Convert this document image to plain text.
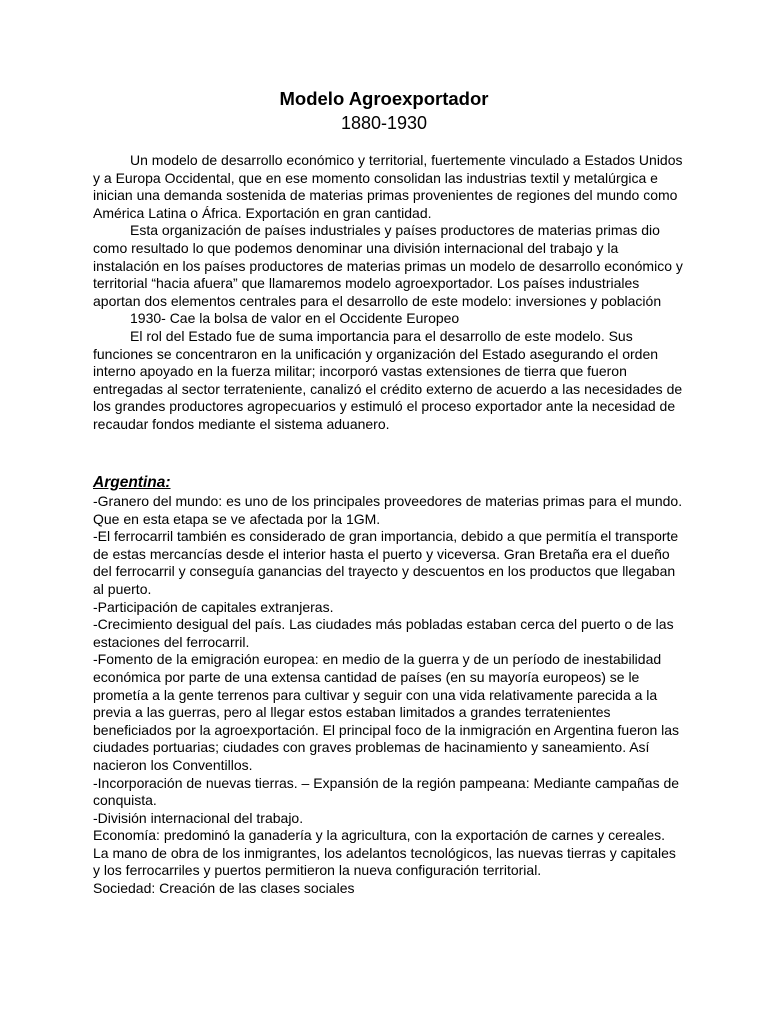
Modelo Agroexportador
1880-1930

Un modelo de desarrollo económico y territorial, fuertemente vinculado a Estados Unidos y a Europa Occidental, que en ese momento consolidan las industrias textil y metalúrgica e inician una demanda sostenida de materias primas provenientes de regiones del mundo como América Latina o África. Exportación en gran cantidad.

Esta organización de países industriales y países productores de materias primas dio como resultado lo que podemos denominar una división internacional del trabajo y la instalación en los países productores de materias primas un modelo de desarrollo económico y territorial “hacia afuera” que llamaremos modelo agroexportador. Los países industriales aportan dos elementos centrales para el desarrollo de este modelo: inversiones y población

1930- Cae la bolsa de valor en el Occidente Europeo

El rol del Estado fue de suma importancia para el desarrollo de este modelo. Sus funciones se concentraron en la unificación y organización del Estado asegurando el orden interno apoyado en la fuerza militar; incorporó vastas extensiones de tierra que fueron entregadas al sector terrateniente, canalizó el crédito externo de acuerdo a las necesidades de los grandes productores agropecuarios y estimuló el proceso exportador ante la necesidad de recaudar fondos mediante el sistema aduanero.

Argentina:

-Granero del mundo: es uno de los principales proveedores de materias primas para el mundo. Que en esta etapa se ve afectada por la 1GM.

-El ferrocarril también es considerado de gran importancia, debido a que permitía el transporte de estas mercancías desde el interior hasta el puerto y viceversa. Gran Bretaña era el dueño del ferrocarril y conseguía ganancias del trayecto y descuentos en los productos que llegaban al puerto.

-Participación de capitales extranjeras.

-Crecimiento desigual del país. Las ciudades más pobladas estaban cerca del puerto o de las estaciones del ferrocarril.

-Fomento de la emigración europea: en medio de la guerra y de un período de inestabilidad económica por parte de una extensa cantidad de países (en su mayoría europeos) se le prometía a la gente terrenos para cultivar y seguir con una vida relativamente parecida a la previa a las guerras, pero al llegar estos estaban limitados a grandes terratenientes beneficiados por la agroexportación. El principal foco de la inmigración en Argentina fueron las ciudades portuarias; ciudades con graves problemas de hacinamiento y saneamiento. Así nacieron los Conventillos.

-Incorporación de nuevas tierras. – Expansión de la región pampeana: Mediante campañas de conquista.

-División internacional del trabajo.

Economía: predominó la ganadería y la agricultura, con la exportación de carnes y cereales. La mano de obra de los inmigrantes, los adelantos tecnológicos, las nuevas tierras y capitales y los ferrocarriles y puertos permitieron la nueva configuración territorial.

Sociedad: Creación de las clases sociales
